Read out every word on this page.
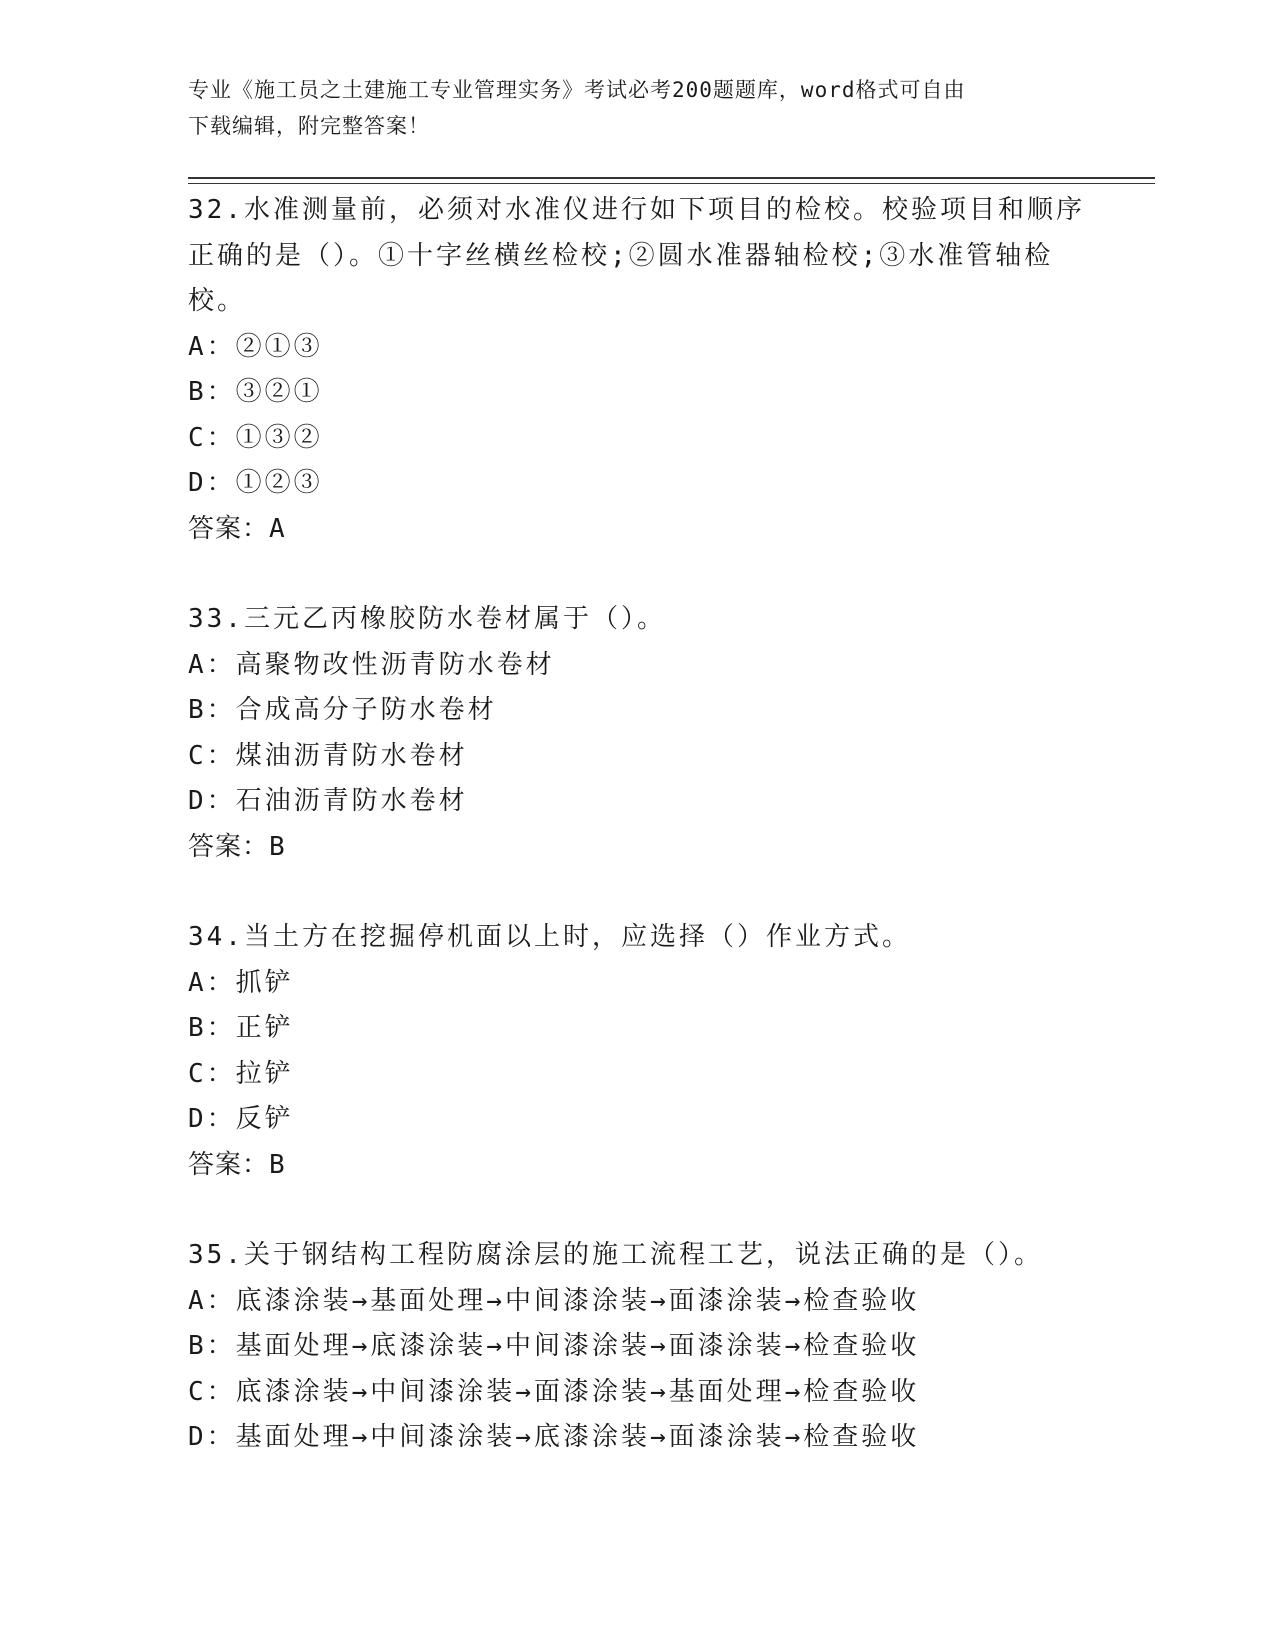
专业《施工员之土建施工专业管理实务》考试必考200题题库，word格式可自由
下载编辑，附完整答案！
32.水准测量前，必须对水准仪进行如下项目的检校。校验项目和顺序
正确的是（）。①十字丝横丝检校;②圆水准器轴检校;③水准管轴检
校。
A：②①③
B：③②①
C：①③②
D：①②③
答案：A
33.三元乙丙橡胶防水卷材属于（）。
A：高聚物改性沥青防水卷材
B：合成高分子防水卷材
C：煤油沥青防水卷材
D：石油沥青防水卷材
答案：B
34.当土方在挖掘停机面以上时，应选择（）作业方式。
A：抓铲
B：正铲
C：拉铲
D：反铲
答案：B
35.关于钢结构工程防腐涂层的施工流程工艺，说法正确的是（）。
A：底漆涂装→基面处理→中间漆涂装→面漆涂装→检查验收
B：基面处理→底漆涂装→中间漆涂装→面漆涂装→检查验收
C：底漆涂装→中间漆涂装→面漆涂装→基面处理→检查验收
D：基面处理→中间漆涂装→底漆涂装→面漆涂装→检查验收
